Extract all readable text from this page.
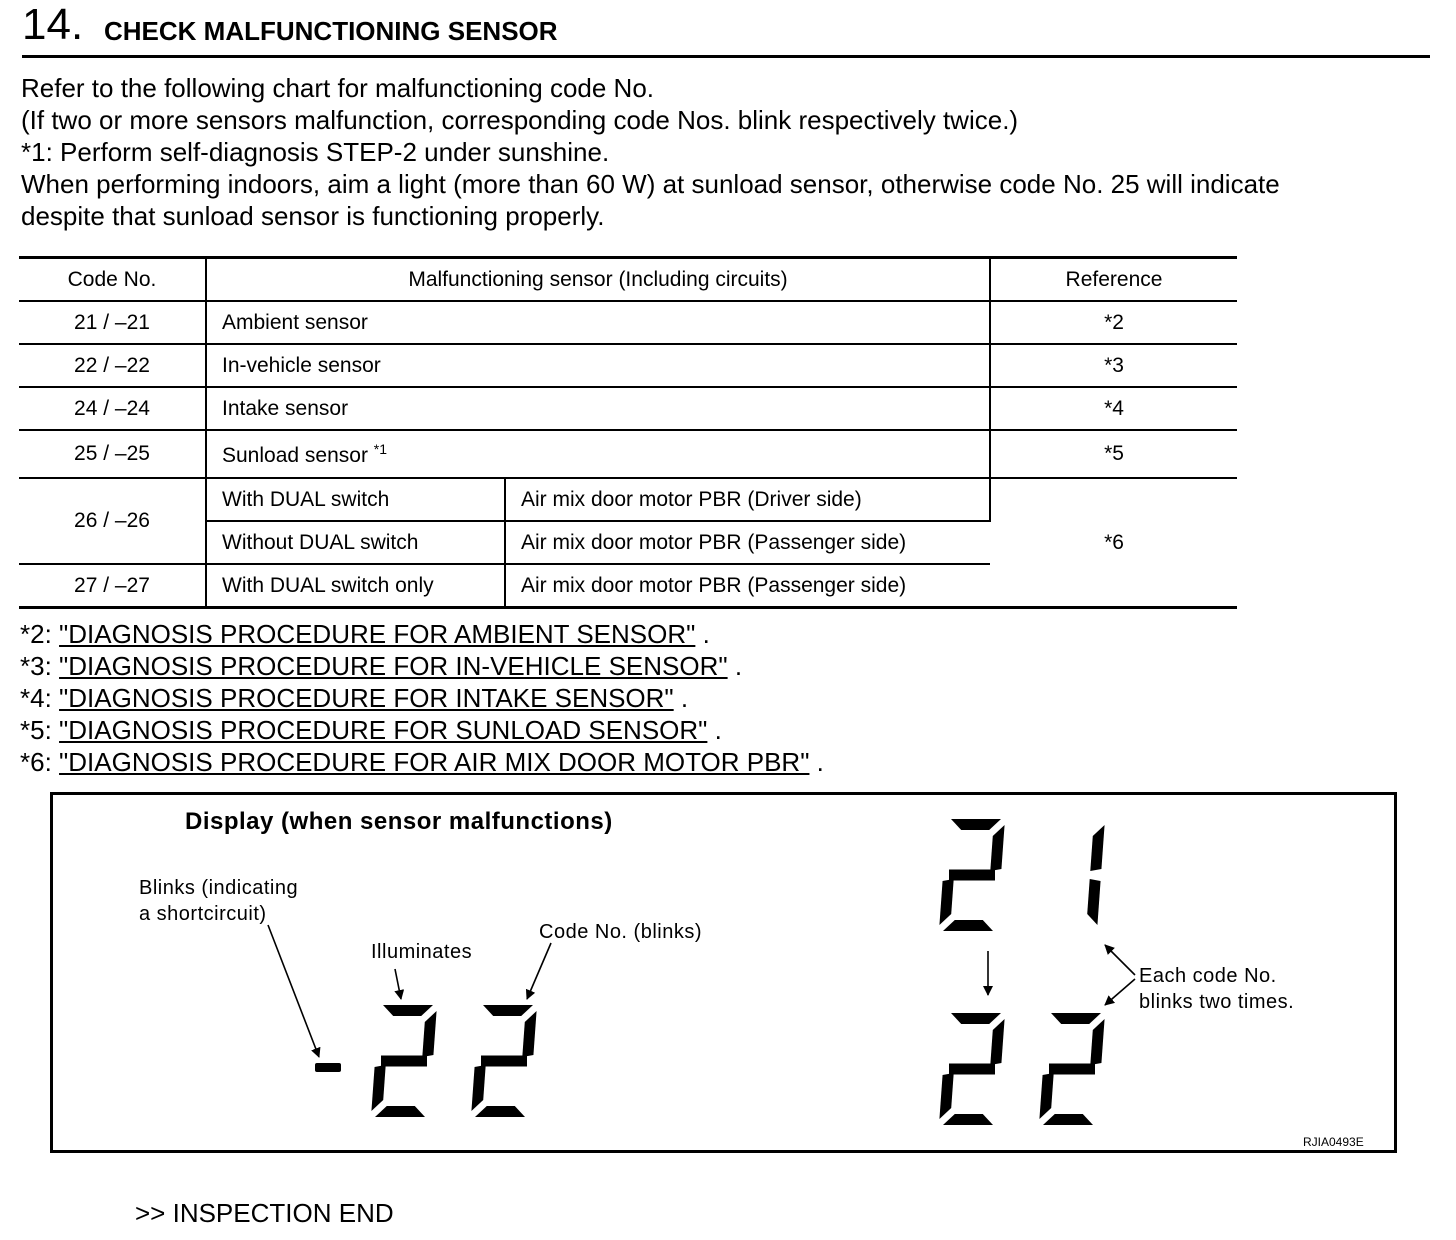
14. CHECK MALFUNCTIONING SENSOR
Refer to the following chart for malfunctioning code No.
(If two or more sensors malfunction, corresponding code Nos. blink respectively twice.)
*1: Perform self-diagnosis STEP-2 under sunshine.
When performing indoors, aim a light (more than 60 W) at sunload sensor, otherwise code No. 25 will indicate
despite that sunload sensor is functioning properly.
Code No.	Malfunctioning sensor (Including circuits)		Reference
21 / –21	Ambient sensor		*2
22 / –22	In-vehicle sensor		*3
24 / –24	Intake sensor		*4
25 / –25	Sunload sensor $^{*1}$		*5
26 / –26	With DUAL switch	Air mix door motor PBR (Driver side)	*6
	Without DUAL switch	Air mix door motor PBR (Passenger side)	
27 / –27	With DUAL switch only	Air mix door motor PBR (Passenger side)	
*2: "DIAGNOSIS PROCEDURE FOR AMBIENT SENSOR" .
*3: "DIAGNOSIS PROCEDURE FOR IN-VEHICLE SENSOR" .
*4: "DIAGNOSIS PROCEDURE FOR INTAKE SENSOR" .
*5: "DIAGNOSIS PROCEDURE FOR SUNLOAD SENSOR" .
*6: "DIAGNOSIS PROCEDURE FOR AIR MIX DOOR MOTOR PBR" .
Display (when sensor malfunctions)
Blinks (indicating
a shortcircuit)
Illuminates
Code No. (blinks)
Each code No.
blinks two times.
RJIA0493E
>> INSPECTION END
